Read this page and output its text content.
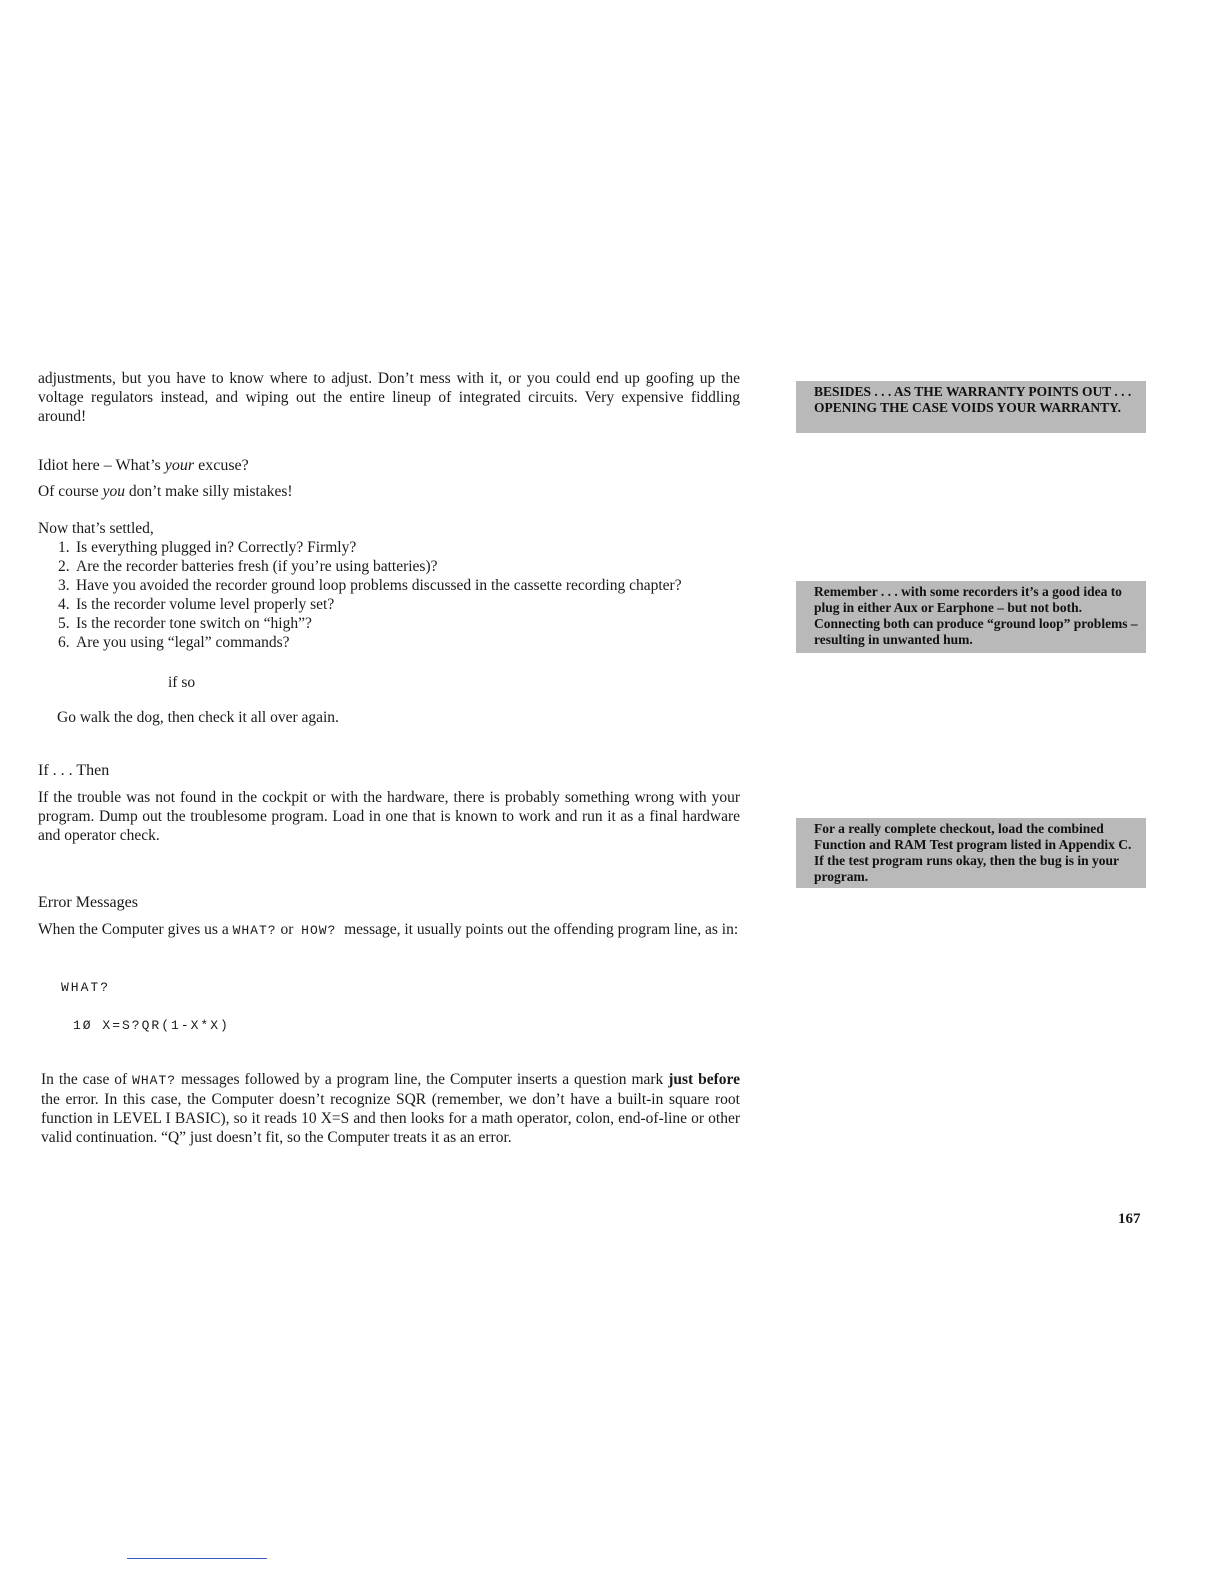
adjustments, but you have to know where to adjust. Don’t mess with it, or you could end up goofing up the voltage regulators instead, and wiping out the entire lineup of integrated circuits. Very expensive fiddling around!

Idiot here – What’s your excuse?

Of course you don’t make silly mistakes!

Now that’s settled,

1. Is everything plugged in? Correctly? Firmly?
2. Are the recorder batteries fresh (if you’re using batteries)?
3. Have you avoided the recorder ground loop problems discussed in the cassette recording chapter?
4. Is the recorder volume level properly set?
5. Is the recorder tone switch on “high”?
6. Are you using “legal” commands?

if so

Go walk the dog, then check it all over again.

If . . . Then

If the trouble was not found in the cockpit or with the hardware, there is probably something wrong with your program. Dump out the troublesome program. Load in one that is known to work and run it as a final hardware and operator check.

Error Messages

When the Computer gives us a WHAT? or  HOW?  message, it usually points out the offending program line, as in:

WHAT?
1Ø X=S?QR(1-X*X)

In the case of WHAT? messages followed by a program line, the Computer inserts a question mark just before the error. In this case, the Computer doesn’t recognize SQR (remember, we don’t have a built-in square root function in LEVEL I BASIC), so it reads 10 X=S and then looks for a math operator, colon, end-of-line or other valid continuation. “Q” just doesn’t fit, so the Computer treats it as an error.

BESIDES . . . AS THE WARRANTY POINTS OUT . . . OPENING THE CASE VOIDS YOUR WARRANTY.
Remember . . . with some recorders it’s a good idea to plug in either Aux or Earphone – but not both. Connecting both can produce “ground loop” problems – resulting in unwanted hum.
For a really complete checkout, load the combined Function and RAM Test program listed in Appendix C. If the test program runs okay, then the bug is in your program.
167
